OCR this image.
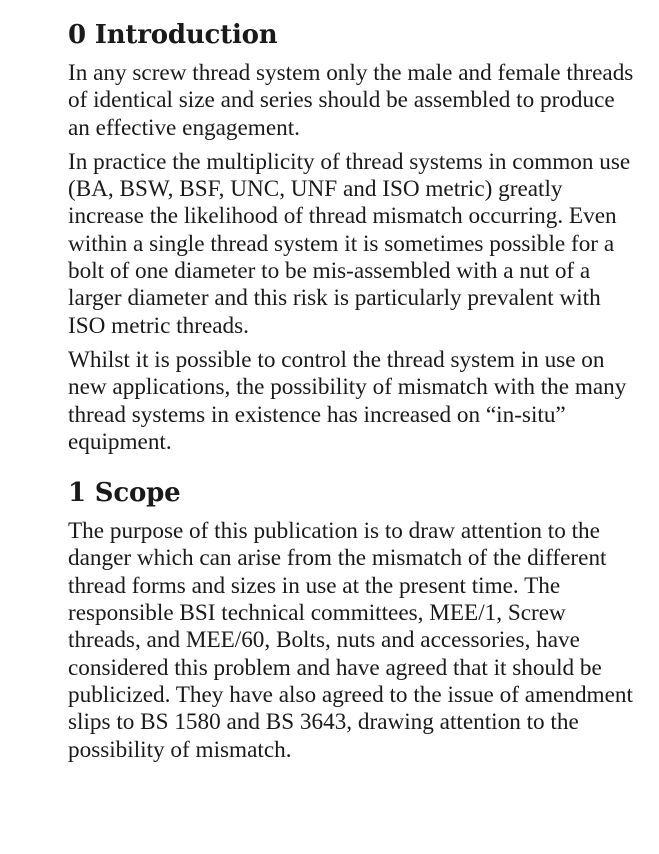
0 Introduction

In any screw thread system only the male and female threads of identical size and series should be assembled to produce an effective engagement.

In practice the multiplicity of thread systems in common use (BA, BSW, BSF, UNC, UNF and ISO metric) greatly increase the likelihood of thread mismatch occurring. Even within a single thread system it is sometimes possible for a bolt of one diameter to be mis-assembled with a nut of a larger diameter and this risk is particularly prevalent with ISO metric threads.

Whilst it is possible to control the thread system in use on new applications, the possibility of mismatch with the many thread systems in existence has increased on “in-situ” equipment.

1 Scope

The purpose of this publication is to draw attention to the danger which can arise from the mismatch of the different thread forms and sizes in use at the present time. The responsible BSI technical committees, MEE/1, Screw threads, and MEE/60, Bolts, nuts and accessories, have considered this problem and have agreed that it should be publicized. They have also agreed to the issue of amendment slips to BS 1580 and BS 3643, drawing attention to the possibility of mismatch.
